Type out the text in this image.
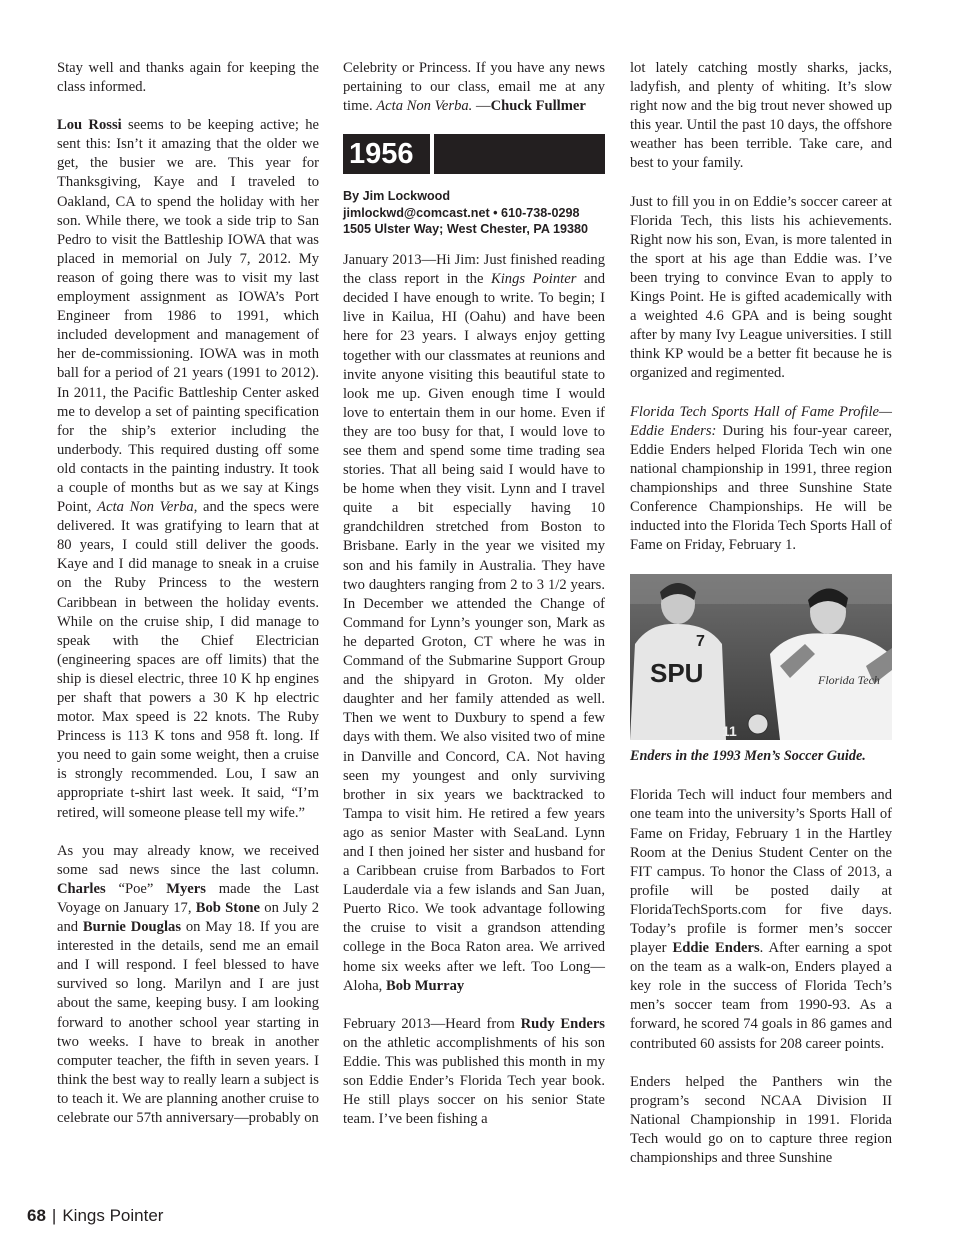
Stay well and thanks again for keeping the class informed.

Lou Rossi seems to be keeping active; he sent this: Isn’t it amazing that the older we get, the busier we are. This year for Thanksgiving, Kaye and I traveled to Oakland, CA to spend the holiday with her son. While there, we took a side trip to San Pedro to visit the Battleship IOWA that was placed in memorial on July 7, 2012. My reason of going there was to visit my last employment assignment as IOWA’s Port Engineer from 1986 to 1991, which included development and management of her de-commissioning. IOWA was in moth ball for a period of 21 years (1991 to 2012). In 2011, the Pacific Battleship Center asked me to develop a set of painting specification for the ship’s exterior including the underbody. This required dusting off some old contacts in the painting industry. It took a couple of months but as we say at Kings Point, Acta Non Verba, and the specs were delivered. It was gratifying to learn that at 80 years, I could still deliver the goods. Kaye and I did manage to sneak in a cruise on the Ruby Princess to the western Caribbean in between the holiday events. While on the cruise ship, I did manage to speak with the Chief Electrician (engineering spaces are off limits) that the ship is diesel electric, three 10 K hp engines per shaft that powers a 30 K hp electric motor. Max speed is 22 knots. The Ruby Princess is 113 K tons and 958 ft. long. If you need to gain some weight, then a cruise is strongly recommended. Lou, I saw an appropriate t-shirt last week. It said, “I’m retired, will someone please tell my wife.”

As you may already know, we received some sad news since the last column. Charles “Poe” Myers made the Last Voyage on January 17, Bob Stone on July 2 and Burnie Douglas on May 18. If you are interested in the details, send me an email and I will respond. I feel blessed to have survived so long. Marilyn and I are just about the same, keeping busy. I am looking forward to another school year starting in two weeks. I have to break in another computer teacher, the fifth in seven years. I think the best way to really learn a subject is to teach it. We are planning another cruise to celebrate our 57th anniversary—probably on

Celebrity or Princess. If you have any news pertaining to our class, email me at any time. Acta Non Verba. —Chuck Fullmer

1956
By Jim Lockwood
jimlockwd@comcast.net • 610-738-0298
1505 Ulster Way; West Chester, PA 19380

January 2013—Hi Jim: Just finished reading the class report in the Kings Pointer and decided I have enough to write. To begin; I live in Kailua, HI (Oahu) and have been here for 23 years. I always enjoy getting together with our classmates at reunions and invite anyone visiting this beautiful state to look me up. Given enough time I would love to entertain them in our home. Even if they are too busy for that, I would love to see them and spend some time trading sea stories. That all being said I would have to be home when they visit. Lynn and I travel quite a bit especially having 10 grandchildren stretched from Boston to Brisbane. Early in the year we visited my son and his family in Australia. They have two daughters ranging from 2 to 3 1/2 years. In December we attended the Change of Command for Lynn’s younger son, Mark as he departed Groton, CT where he was in Command of the Submarine Support Group and the shipyard in Groton. My older daughter and her family attended as well. Then we went to Duxbury to spend a few days with them. We also visited two of mine in Danville and Concord, CA. Not having seen my youngest and only surviving brother in six years we backtracked to Tampa to visit him. He retired a few years ago as senior Master with SeaLand. Lynn and I then joined her sister and husband for a Caribbean cruise from Barbados to Fort Lauderdale via a few islands and San Juan, Puerto Rico. We took advantage following the cruise to visit a grandson attending college in the Boca Raton area. We arrived home six weeks after we left. Too Long—Aloha, Bob Murray

February 2013—Heard from Rudy Enders on the athletic accomplishments of his son Eddie. This was published this month in my son Eddie Ender’s Florida Tech year book. He still plays soccer on his senior State team. I’ve been fishing a

lot lately catching mostly sharks, jacks, ladyfish, and plenty of whiting. It’s slow right now and the big trout never showed up this year. Until the past 10 days, the offshore weather has been terrible. Take care, and best to your family.

Just to fill you in on Eddie’s soccer career at Florida Tech, this lists his achievements. Right now his son, Evan, is more talented in the sport at his age than Eddie was. I’ve been trying to convince Evan to apply to Kings Point. He is gifted academically with a weighted 4.6 GPA and is being sought after by many Ivy League universities. I still think KP would be a better fit because he is organized and regimented.

Florida Tech Sports Hall of Fame Profile—Eddie Enders: During his four-year career, Eddie Enders helped Florida Tech win one national championship in 1991, three region championships and three Sunshine State Conference Championships. He will be inducted into the Florida Tech Sports Hall of Fame on Friday, February 1.

SPU
7
Florida Tech
11

Enders in the 1993 Men’s Soccer Guide.

Florida Tech will induct four members and one team into the university’s Sports Hall of Fame on Friday, February 1 in the Hartley Room at the Denius Student Center on the FIT campus. To honor the Class of 2013, a profile will be posted daily at FloridaTechSports.com for five days. Today’s profile is former men’s soccer player Eddie Enders. After earning a spot on the team as a walk-on, Enders played a key role in the success of Florida Tech’s men’s soccer team from 1990-93. As a forward, he scored 74 goals in 86 games and contributed 60 assists for 208 career points.

Enders helped the Panthers win the program’s second NCAA Division II National Championship in 1991. Florida Tech would go on to capture three region championships and three Sunshine

68 | Kings Pointer
